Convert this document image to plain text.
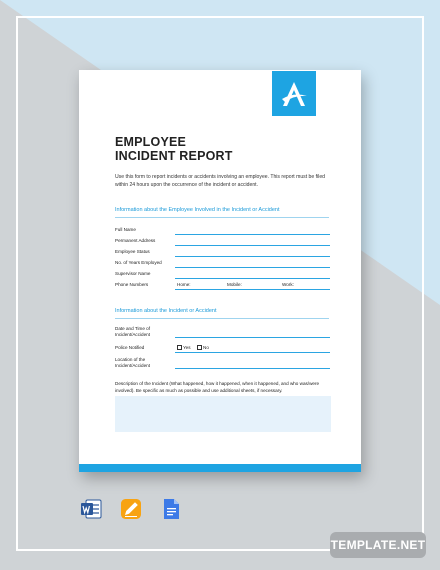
EMPLOYEE
INCIDENT REPORT
Use this form to report incidents or accidents involving an employee. This report must be filed within 24 hours upon the occurrence of the incident or accident.
Information about the Employee Involved in the Incident or Accident
Full Name
Permanent Address
Employee Status
No. of Years Employed
Supervisor Name
Phone Numbers	Home:	Mobile:	Work:
Information about the Incident or Accident
Date and Time of Incident/Accident
Police Notified	Yes	No
Location of the Incident/Accident
Description of the Incident (What happened, how it happened, when it happened, and who was/were involved). Be specific as much as possible and use additional sheets, if necessary.
TEMPLATE.NET
